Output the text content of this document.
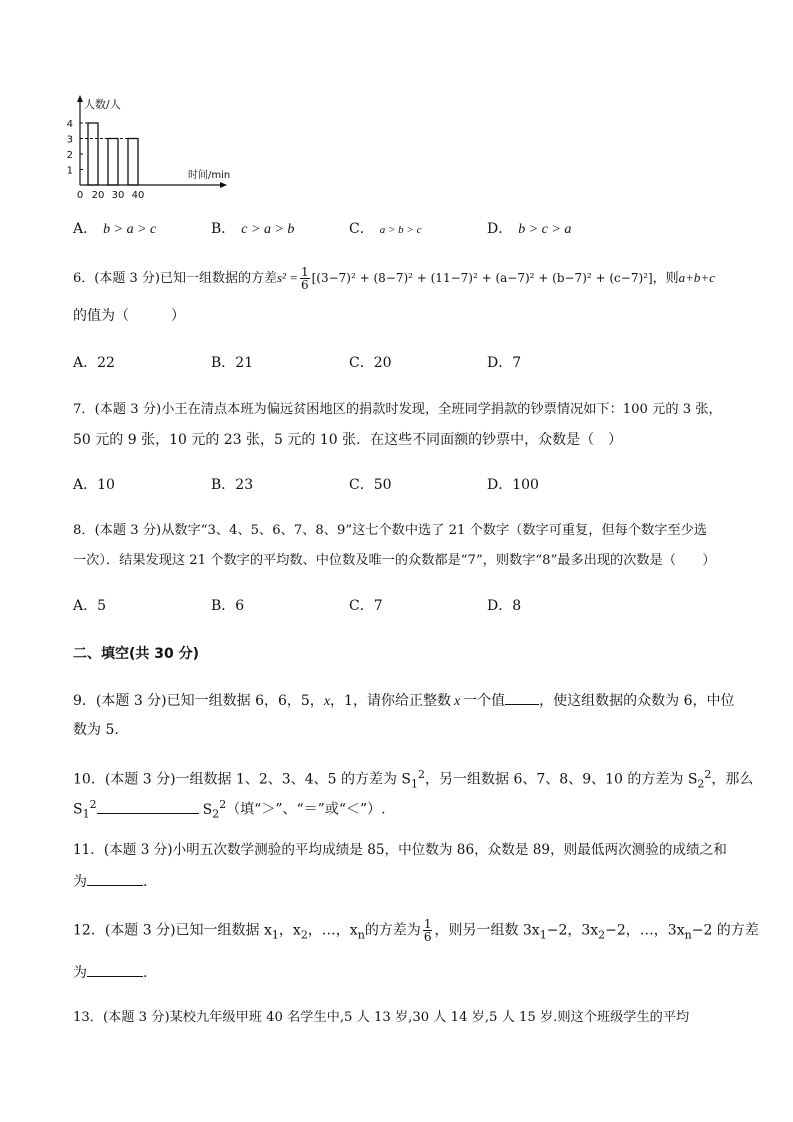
人数/人
时间/min
4
3
2
1
0 20 30 40
A． b > a > c	B． c > a > b	C． a > b > c	D． b > c > a
6．(本题 3 分)已知一组数据的方差$s^2 = \frac{1}{6} [(3-7)^2 + (8-7)^2 + (11-7)^2 + (a-7)^2 + (b-7)^2 + (c-7)^2]$，则a+b+c
的值为（　　　）
A．22	B．21	C．20	D．7
7．(本题 3 分)小王在清点本班为偏远贫困地区的捐款时发现，全班同学捐款的钞票情况如下：100 元的 3 张，
50 元的 9 张，10 元的 23 张，5 元的 10 张．在这些不同面额的钞票中，众数是（　）
A．10	B．23	C．50	D．100
8．(本题 3 分)从数字“3、4、5、6、7、8、9”这七个数中选了 21 个数字（数字可重复，但每个数字至少选
一次）．结果发现这 21 个数字的平均数、中位数及唯一的众数都是“7”，则数字“8”最多出现的次数是（　　）
A．5	B．6	C．7	D．8
二、填空(共 30 分)
9．(本题 3 分)已知一组数据 6，6，5，x，1，请你给正整数 x 一个值 ，使这组数据的众数为 6，中位
数为 5.
10．(本题 3 分)一组数据 1、2、3、4、5 的方差为 $S_1^2$，另一组数据 6、7、8、9、10 的方差为 $S_2^2$，那么
$S_1^2$	$S_2^2$（填“＞”、“＝”或“＜”）.
11．(本题 3 分)小明五次数学测验的平均成绩是 85，中位数为 86，众数是 89，则最低两次测验的成绩之和
为	.
12．(本题 3 分)已知一组数据 $x_1$，$x_2$，…，$x_n$的方差为 $\frac{1}{6}$ ，则另一组数 $3x_1-2$，$3x_2-2$，…，$3x_n-2$ 的方差
为	.
13．(本题 3 分)某校九年级甲班 40 名学生中,5 人 13 岁,30 人 14 岁,5 人 15 岁.则这个班级学生的平均
